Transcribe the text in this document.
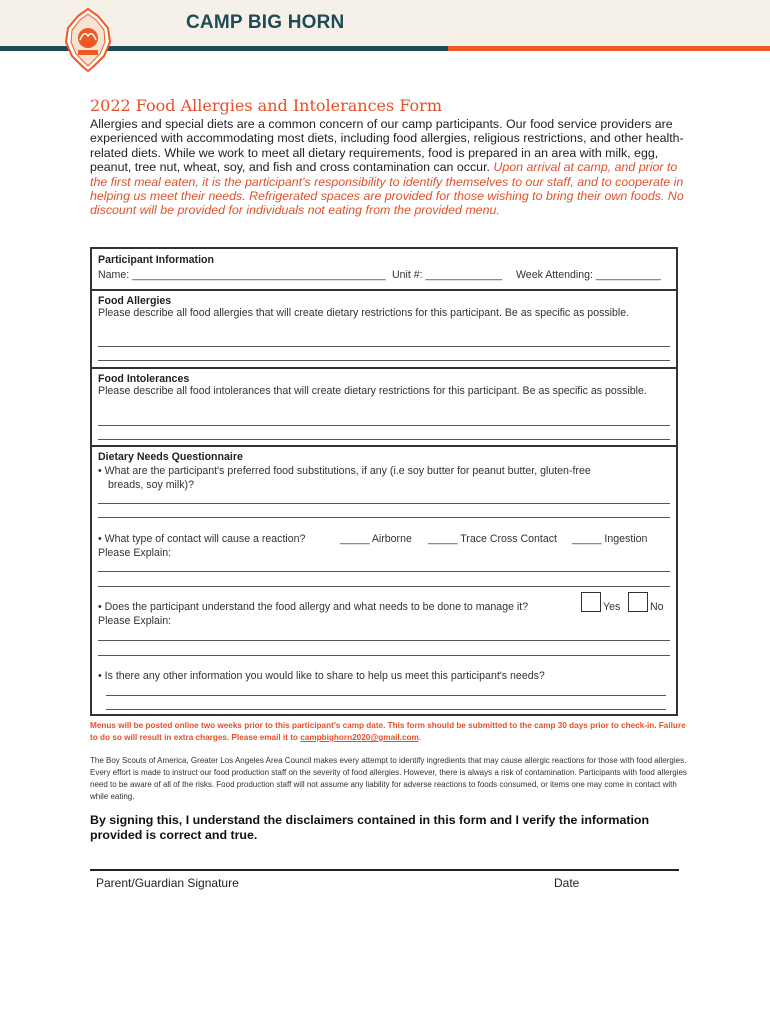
CAMP BIG HORN
2022 Food Allergies and Intolerances Form
Allergies and special diets are a common concern of our camp participants. Our food service providers are experienced with accommodating most diets, including food allergies, religious restrictions, and other health-related diets. While we work to meet all dietary requirements, food is prepared in an area with milk, egg, peanut, tree nut, wheat, soy, and fish and cross contamination can occur. Upon arrival at camp, and prior to the first meal eaten, it is the participant's responsibility to identify themselves to our staff, and to cooperate in helping us meet their needs. Refrigerated spaces are provided for those wishing to bring their own foods. No discount will be provided for individuals not eating from the provided menu.
Participant Information
Name: ___________________________________________ Unit #: _____________ Week Attending: ___________
Food Allergies
Please describe all food allergies that will create dietary restrictions for this participant. Be as specific as possible.
Food Intolerances
Please describe all food intolerances that will create dietary restrictions for this participant. Be as specific as possible.
Dietary Needs Questionnaire
• What are the participant's preferred food substitutions, if any (i.e soy butter for peanut butter, gluten-free
breads, soy milk)?
• What type of contact will cause a reaction?	_____ Airborne _____ Trace Cross Contact _____ Ingestion
Please Explain:
• Does the participant understand the food allergy and what needs to be done to manage it?	Yes	No
Please Explain:
• Is there any other information you would like to share to help us meet this participant's needs?
Menus will be posted online two weeks prior to this participant's camp date. This form should be submitted to the camp 30 days prior to check-in. Failure to do so will result in extra charges. Please email it to campbighorn2020@gmail.com.
The Boy Scouts of America, Greater Los Angeles Area Council makes every attempt to identify ingredients that may cause allergic reactions for those with food allergies. Every effort is made to instruct our food production staff on the severity of food allergies. However, there is always a risk of contamination. Participants with food allergies need to be aware of all of the risks. Food production staff will not assume any liability for adverse reactions to foods consumed, or items one may come in contact with while eating.
By signing this, I understand the disclaimers contained in this form and I verify the information provided is correct and true.
Parent/Guardian Signature	Date
